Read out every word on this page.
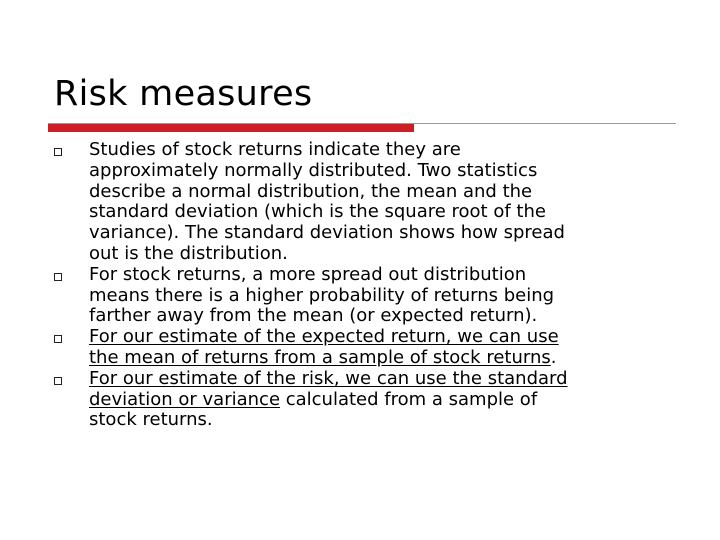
Risk measures
Studies of stock returns indicate they are
approximately normally distributed. Two statistics
describe a normal distribution, the mean and the
standard deviation (which is the square root of the
variance). The standard deviation shows how spread
out is the distribution.
For stock returns, a more spread out distribution
means there is a higher probability of returns being
farther away from the mean (or expected return).
For our estimate of the expected return, we can use
the mean of returns from a sample of stock returns.
For our estimate of the risk, we can use the standard
deviation or variance calculated from a sample of
stock returns.
